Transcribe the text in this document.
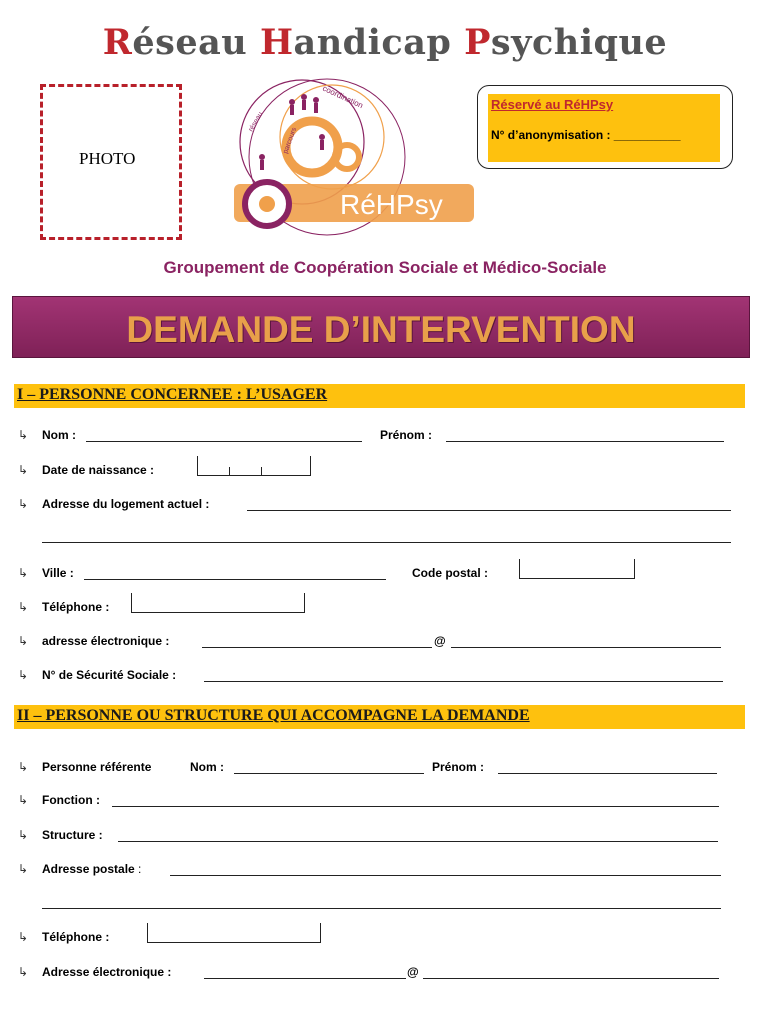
Réseau Handicap Psychique
PHOTO
RéHPsy
coordination
réseau
parcours
Réservé au RéHPsy
N° d’anonymisation : __________
Groupement de Coopération Sociale et Médico-Sociale
DEMANDE D’INTERVENTION
I – PERSONNE CONCERNEE : L’USAGER
↳ Nom :	Prénom :
↳ Date de naissance :
↳ Adresse du logement actuel :
↳ Ville :	Code postal :
↳ Téléphone :
↳ adresse électronique :	@
↳ N° de Sécurité Sociale :
II – PERSONNE OU STRUCTURE QUI ACCOMPAGNE LA DEMANDE
↳ Personne référente	Nom :	Prénom :
↳ Fonction :
↳ Structure :
↳ Adresse postale :
↳ Téléphone :
↳ Adresse électronique :	@
